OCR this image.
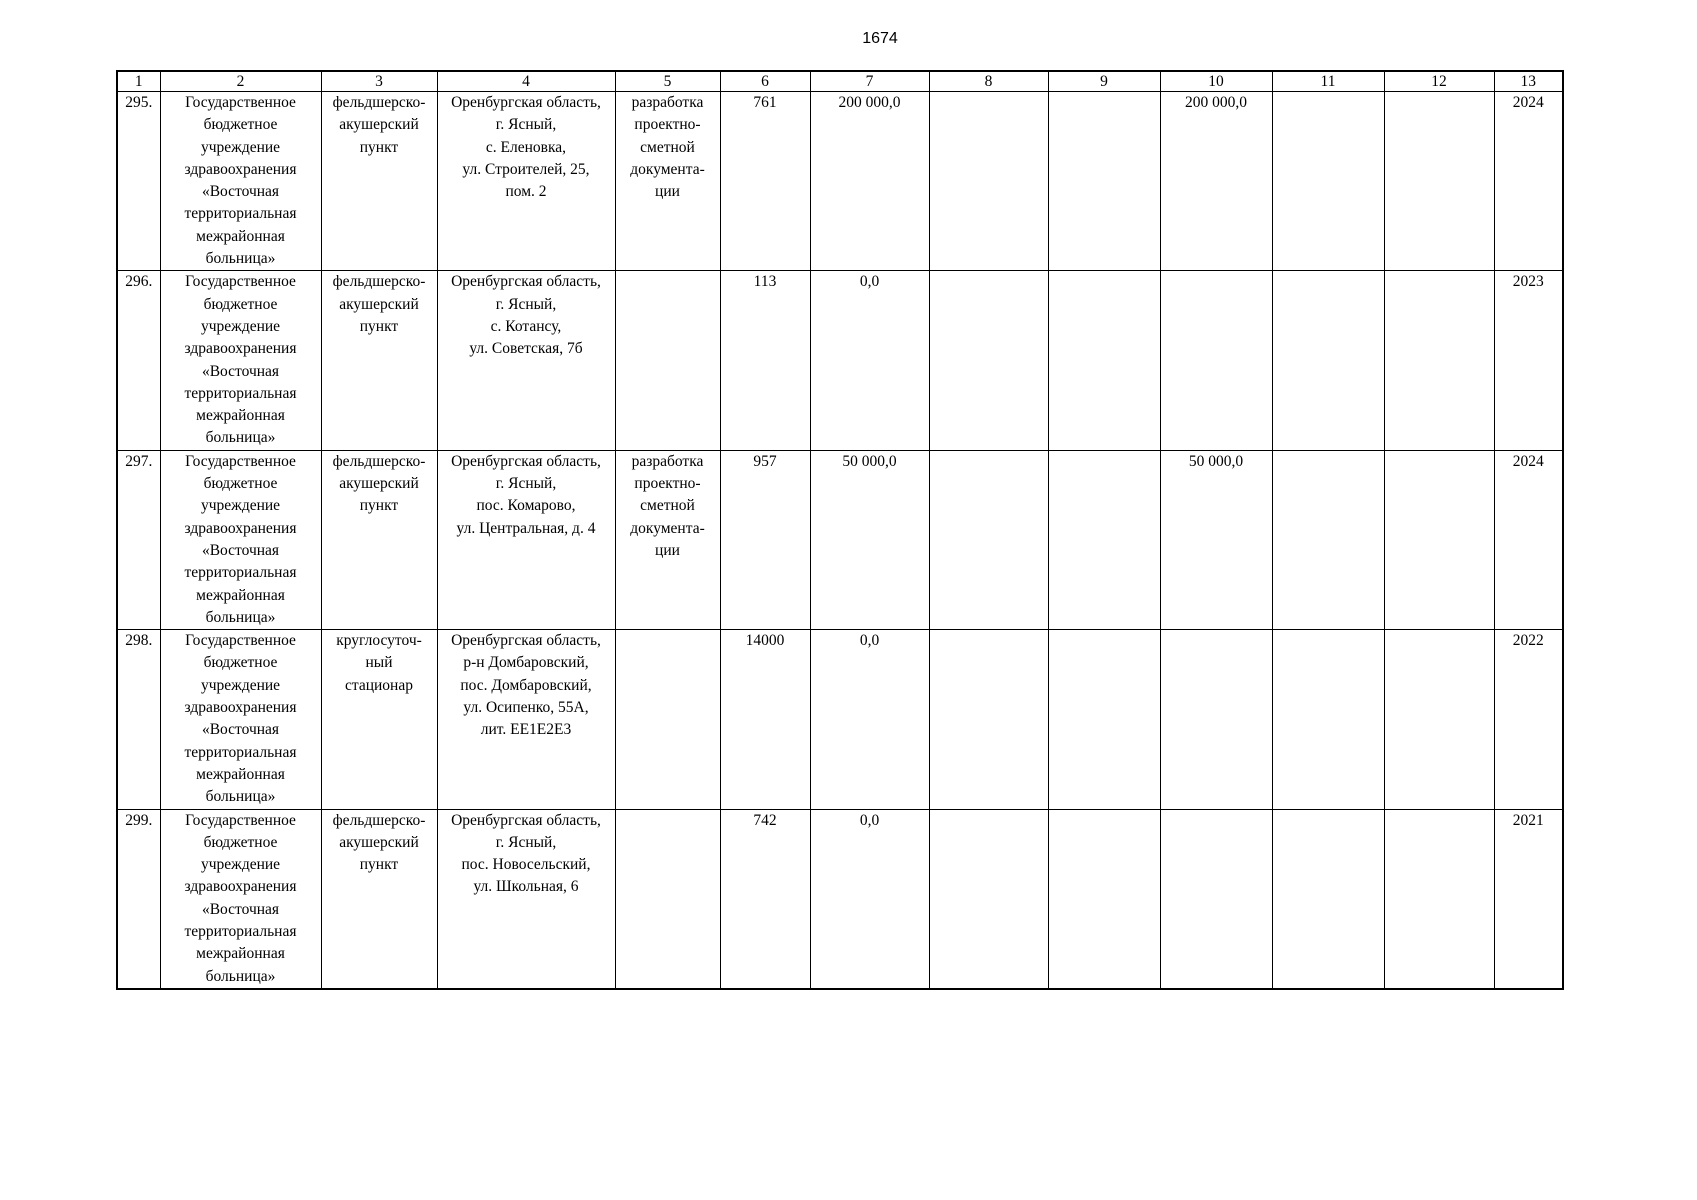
1674
1	2	3	4	5	6	7	8	9	10	11	12	13
295.	Государственное бюджетное учреждение здравоохранения «Восточная территориальная межрайонная больница»	фельдшерско-
акушерский
пункт	Оренбургская область,
г. Ясный,
с. Еленовка,
ул. Строителей, 25,
пом. 2	разработка
проектно-
сметной
документа-
ции	761	200 000,0			200 000,0			2024
296.	Государственное бюджетное учреждение здравоохранения «Восточная территориальная межрайонная больница»	фельдшерско-
акушерский
пункт	Оренбургская область,
г. Ясный,
с. Котансу,
ул. Советская, 7б		113	0,0						2023
297.	Государственное бюджетное учреждение здравоохранения «Восточная территориальная межрайонная больница»	фельдшерско-
акушерский
пункт	Оренбургская область,
г. Ясный,
пос. Комарово,
ул. Центральная, д. 4	разработка
проектно-
сметной
документа-
ции	957	50 000,0			50 000,0			2024
298.	Государственное бюджетное учреждение здравоохранения «Восточная территориальная межрайонная больница»	круглосуточ-
ный
стационар	Оренбургская область,
р-н Домбаровский,
пос. Домбаровский,
ул. Осипенко, 55А,
лит. ЕЕ1Е2Е3		14000	0,0						2022
299.	Государственное бюджетное учреждение здравоохранения «Восточная территориальная межрайонная больница»	фельдшерско-
акушерский
пункт	Оренбургская область,
г. Ясный,
пос. Новосельский,
ул. Школьная, 6		742	0,0						2021
